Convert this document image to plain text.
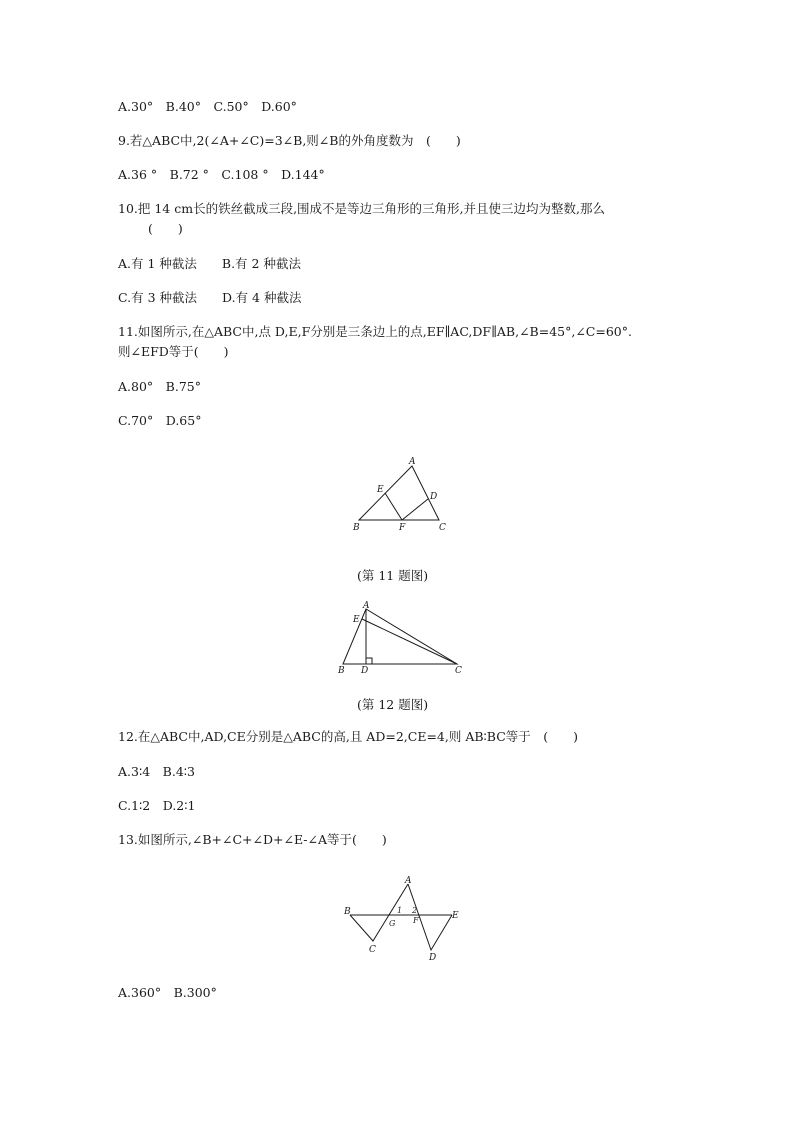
A.30°　B.40°　C.50°　D.60°
9.若△ABC中,2(∠A+∠C)=3∠B,则∠B的外角度数为　(　　)
A.36 °　B.72 °　C.108 °　D.144°
10.把 14 cm长的铁丝截成三段,围成不是等边三角形的三角形,并且使三边均为整数,那么
(　　)
A.有 1 种截法　　B.有 2 种截法
C.有 3 种截法　　D.有 4 种截法
11.如图所示,在△ABC中,点 D,E,F分别是三条边上的点,EF∥AC,DF∥AB,∠B=45°,∠C=60°.
则∠EFD等于(　　)
A.80°　B.75°
C.70°　D.65°
A
B	C
D
E
F
(第 11 题图)
A
B	C
D
E
(第 12 题图)
12.在△ABC中,AD,CE分别是△ABC的高,且 AD=2,CE=4,则 AB∶BC等于　(　　)
A.3∶4　B.4∶3
C.1∶2　D.2∶1
13.如图所示,∠B+∠C+∠D+∠E-∠A等于(　　)
A
B
C
D
E
G F
1 2
A.360°　B.300°
